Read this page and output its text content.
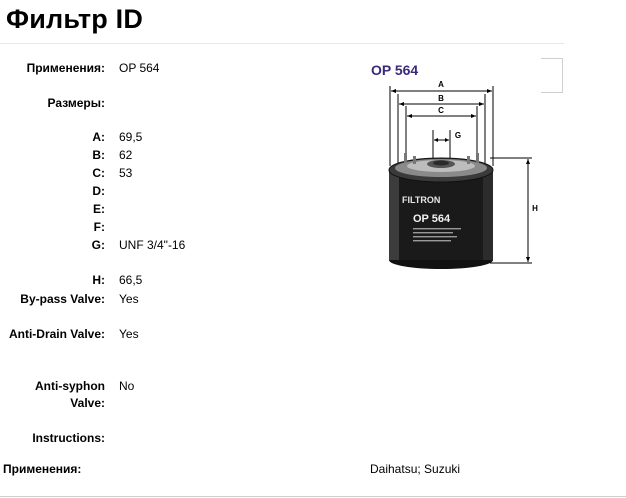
Фильтр ID
Применения: OP 564
Размеры:
A: 69,5
B: 62
C: 53
D:
E:
F:
G: UNF 3/4"-16
H: 66,5
By-pass Valve: Yes
Anti-Drain Valve: Yes
Anti-syphon Valve:
No
Instructions:
Применения:	Daihatsu; Suzuki
OP 564
A
B
C
G
H
FILTRON
OP 564
